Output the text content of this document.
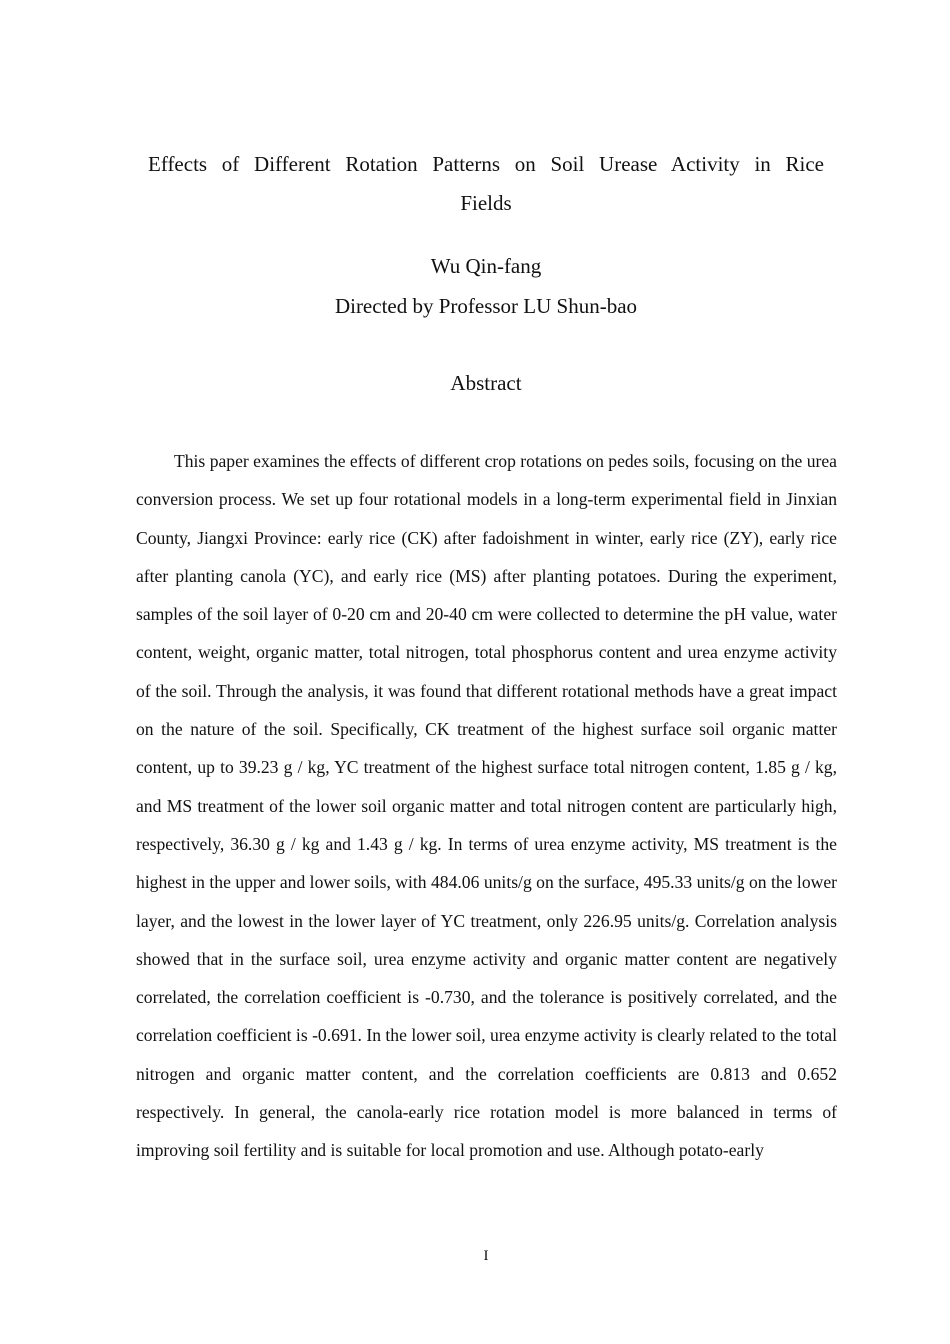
Effects of Different Rotation Patterns on Soil Urease Activity in Rice Fields

Wu Qin-fang

Directed by Professor LU Shun-bao

Abstract

This paper examines the effects of different crop rotations on pedes soils, focusing on the urea conversion process. We set up four rotational models in a long-term experimental field in Jinxian County, Jiangxi Province: early rice (CK) after fadoishment in winter, early rice (ZY), early rice after planting canola (YC), and early rice (MS) after planting potatoes. During the experiment, samples of the soil layer of 0-20 cm and 20-40 cm were collected to determine the pH value, water content, weight, organic matter, total nitrogen, total phosphorus content and urea enzyme activity of the soil. Through the analysis, it was found that different rotational methods have a great impact on the nature of the soil. Specifically, CK treatment of the highest surface soil organic matter content, up to 39.23 g / kg, YC treatment of the highest surface total nitrogen content, 1.85 g / kg, and MS treatment of the lower soil organic matter and total nitrogen content are particularly high, respectively, 36.30 g / kg and 1.43 g / kg. In terms of urea enzyme activity, MS treatment is the highest in the upper and lower soils, with 484.06 units/g on the surface, 495.33 units/g on the lower layer, and the lowest in the lower layer of YC treatment, only 226.95 units/g. Correlation analysis showed that in the surface soil, urea enzyme activity and organic matter content are negatively correlated, the correlation coefficient is -0.730, and the tolerance is positively correlated, and the correlation coefficient is -0.691. In the lower soil, urea enzyme activity is clearly related to the total nitrogen and organic matter content, and the correlation coefficients are 0.813 and 0.652 respectively. In general, the canola-early rice rotation model is more balanced in terms of improving soil fertility and is suitable for local promotion and use. Although potato-early

I
